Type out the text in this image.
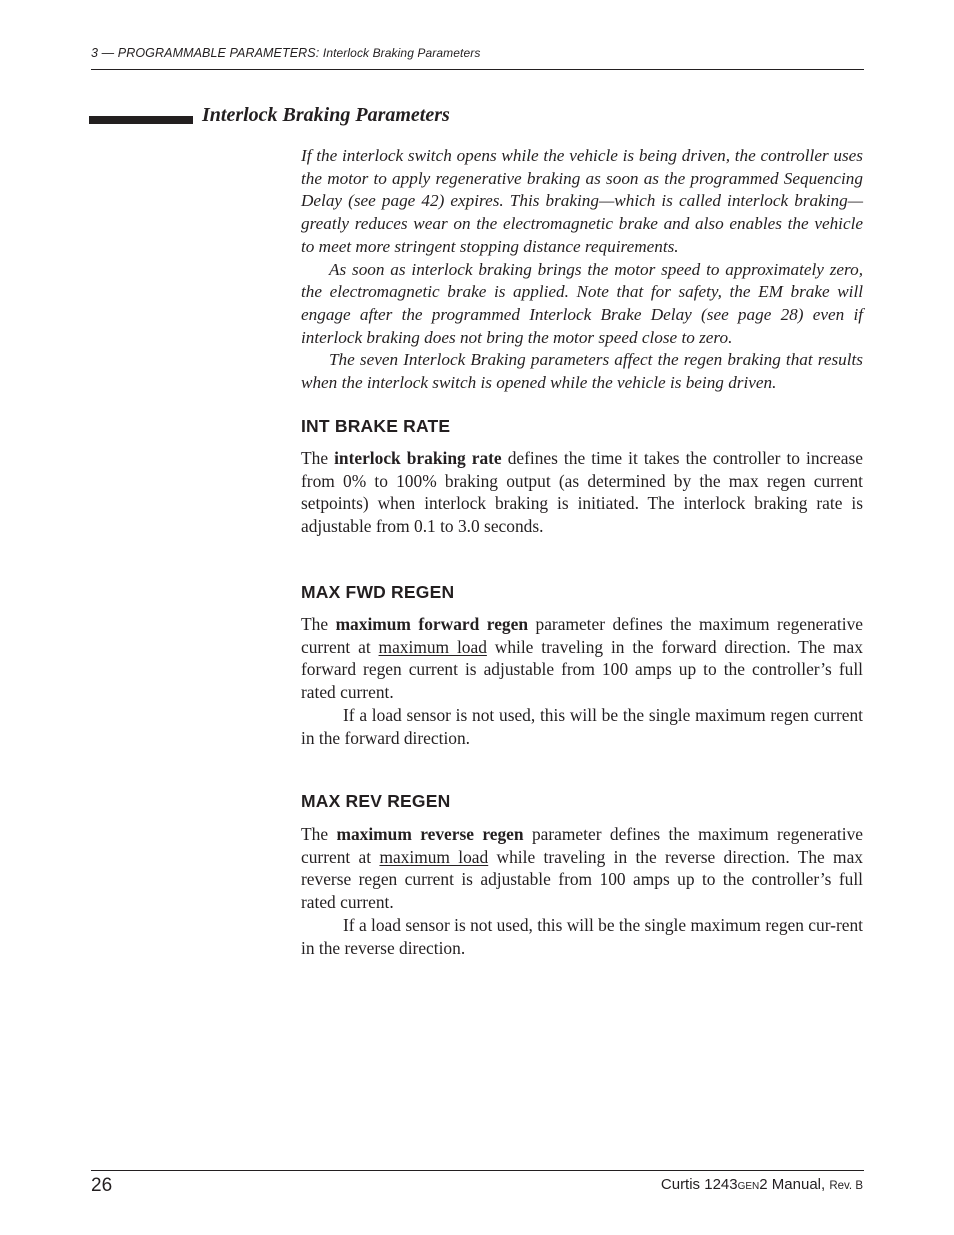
3 — PROGRAMMABLE PARAMETERS: Interlock Braking Parameters
Interlock Braking Parameters

If the interlock switch opens while the vehicle is being driven, the controller uses the motor to apply regenerative braking as soon as the programmed Sequencing Delay (see page 42) expires. This braking—which is called interlock braking—greatly reduces wear on the electromagnetic brake and also enables the vehicle to meet more stringent stopping distance requirements.

As soon as interlock braking brings the motor speed to approximately zero, the electromagnetic brake is applied. Note that for safety, the EM brake will engage after the programmed Interlock Brake Delay (see page 28) even if interlock braking does not bring the motor speed close to zero.

The seven Interlock Braking parameters affect the regen braking that results when the interlock switch is opened while the vehicle is being driven.

INT BRAKE RATE

The interlock braking rate defines the time it takes the controller to increase from 0% to 100% braking output (as determined by the max regen current setpoints) when interlock braking is initiated. The interlock braking rate is adjustable from 0.1 to 3.0 seconds.

MAX FWD REGEN

The maximum forward regen parameter defines the maximum regenerative current at maximum load while traveling in the forward direction. The max forward regen current is adjustable from 100 amps up to the controller’s full rated current.

If a load sensor is not used, this will be the single maximum regen current in the forward direction.

MAX REV REGEN

The maximum reverse regen parameter defines the maximum regenerative current at maximum load while traveling in the reverse direction. The max reverse regen current is adjustable from 100 amps up to the controller’s full rated current.

If a load sensor is not used, this will be the single maximum regen cur-rent in the reverse direction.

26	Curtis 1243GEN2 Manual, Rev. B
